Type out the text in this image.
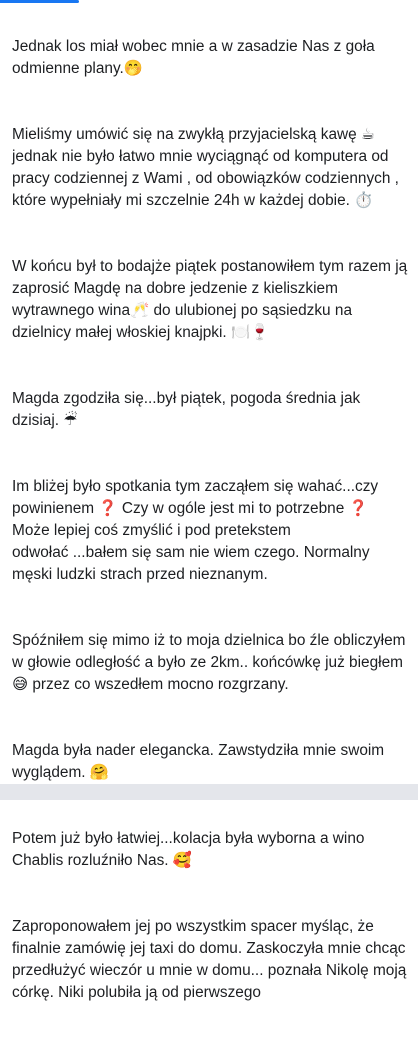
Jednak los miał wobec mnie a w zasadzie Nas z goła odmienne plany.🤭

Mieliśmy umówić się na zwykłą przyjacielską kawę ☕ jednak nie było łatwo mnie wyciągnąć od komputera od pracy codziennej z Wami , od obowiązków codziennych , które wypełniały mi szczelnie 24h w każdej dobie. ⏱️

W końcu był to bodajże piątek postanowiłem tym razem ją zaprosić Magdę na dobre jedzenie z kieliszkiem wytrawnego wina🥂 do ulubionej po sąsiedzku na dzielnicy małej włoskiej knajpki. 🍽️🍷

Magda zgodziła się...był piątek, pogoda średnia jak dzisiaj. ☔

Im bliżej było spotkania tym zacząłem się wahać...czy powinienem ❓ Czy w ogóle jest mi to potrzebne ❓
Może lepiej coś zmyślić i pod pretekstem
odwołać ...bałem się sam nie wiem czego. Normalny męski ludzki strach przed nieznanym.

Spóźniłem się mimo iż to moja dzielnica bo źle obliczyłem w głowie odległość a było ze 2km.. końcówkę już biegłem 😅 przez co wszedłem mocno rozgrzany.

Magda była nader elegancka. Zawstydziła mnie swoim wyglądem. 🤗

Potem już było łatwiej...kolacja była wyborna a wino Chablis rozluźniło Nas. 🥰

Zaproponowałem jej po wszystkim spacer myśląc, że finalnie zamówię jej taxi do domu. Zaskoczyła mnie chcąc przedłużyć wieczór u mnie w domu... poznała Nikolę moją córkę. Niki polubiła ją od pierwszego
